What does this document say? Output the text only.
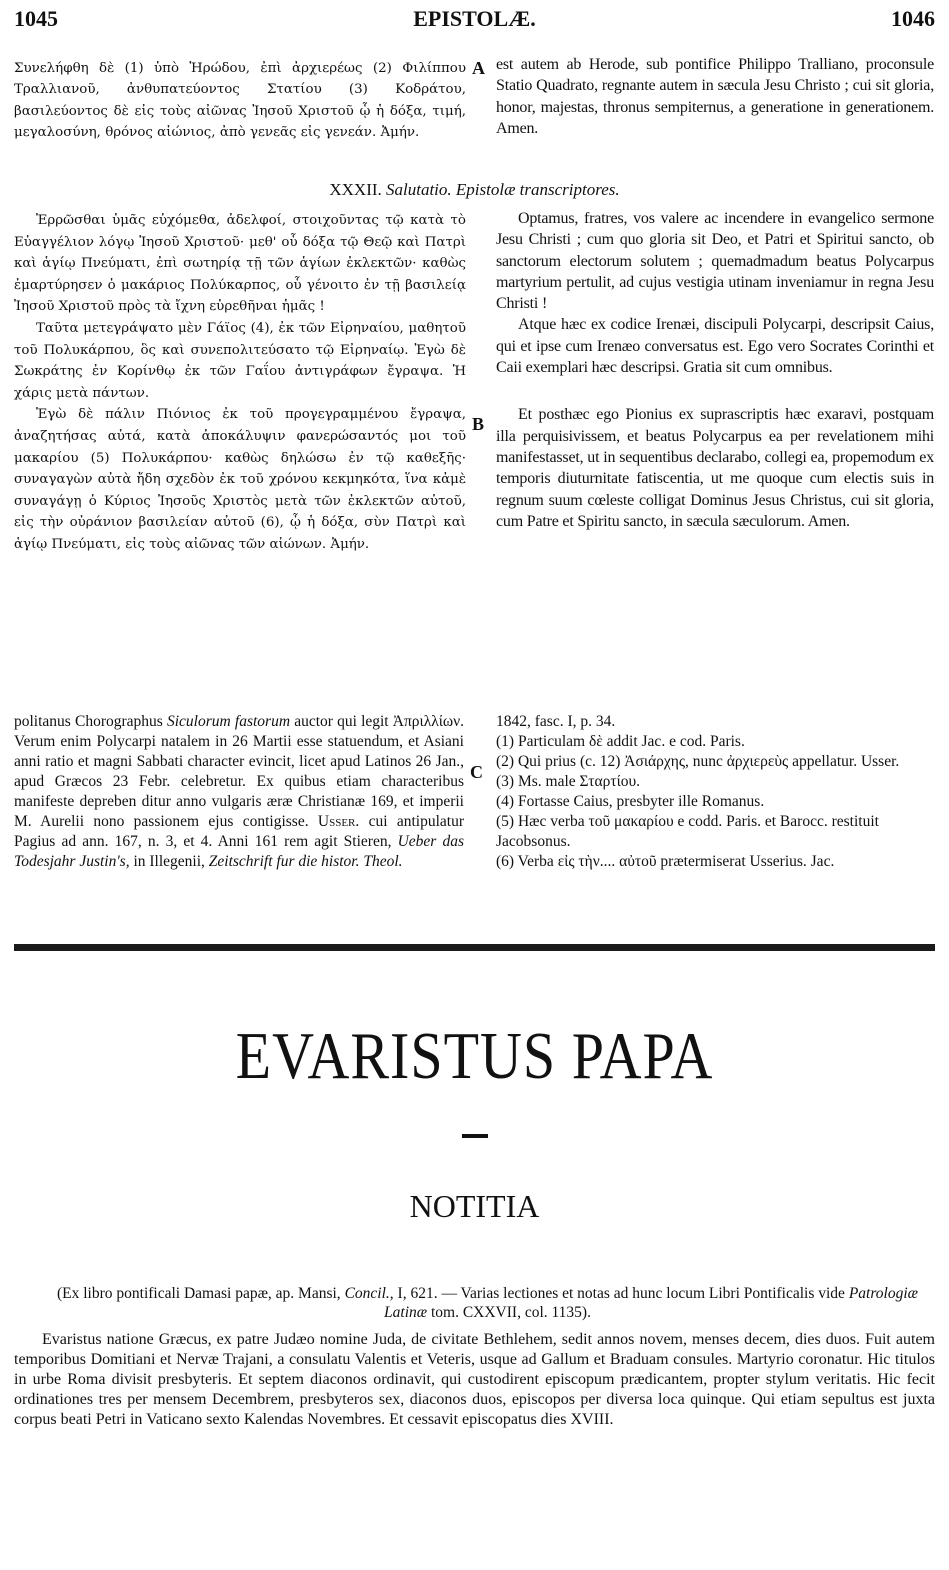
1045	EPISTOLÆ.	1046

Συνελήφθη δὲ (1) ὑπὸ Ἡρώδου, ἐπὶ ἀρχιερέως (2) Φιλίππου Τραλλιανοῦ, ἀνθυπατεύοντος Στατίου (3) Κοδράτου, βασιλεύοντος δὲ εἰς τοὺς αἰῶνας Ἰησοῦ Χριστοῦ ᾧ ἡ δόξα, τιμή, μεγαλοσύνη, θρόνος αἰώνιος, ἀπὸ γενεᾶς εἰς γενεάν. Ἀμήν.

A est autem ab Herode, sub pontifice Philippo Tralliano, proconsule Statio Quadrato, regnante autem in sæcula Jesu Christo ; cui sit gloria, honor, majestas, thronus sempiternus, a generatione in generationem. Amen.

XXXII. Salutatio. Epistolæ transcriptores.

Ἐρρῶσθαι ὑμᾶς εὐχόμεθα, ἀδελφοί, στοιχοῦντας τῷ κατὰ τὸ Εὐαγγέλιον λόγῳ Ἰησοῦ Χριστοῦ· μεθ' οὗ δόξα τῷ Θεῷ καὶ Πατρὶ καὶ ἁγίῳ Πνεύματι, ἐπὶ σωτηρίᾳ τῇ τῶν ἁγίων ἐκλεκτῶν· καθὼς ἐμαρτύρησεν ὁ μακάριος Πολύκαρπος, οὗ γένοιτο ἐν τῇ βασιλείᾳ Ἰησοῦ Χριστοῦ πρὸς τὰ ἴχνη εὑρεθῆναι ἡμᾶς !

Ταῦτα μετεγράψατο μὲν Γάϊος (4), ἐκ τῶν Εἰρηναίου, μαθητοῦ τοῦ Πολυκάρπου, ὃς καὶ συνεπολιτεύσατο τῷ Εἰρηναίῳ. Ἐγὼ δὲ Σωκράτης ἐν Κορίνθῳ ἐκ τῶν Γαΐου ἀντιγράφων ἔγραψα. Ἡ χάρις μετὰ πάντων.

Ἐγὼ δὲ πάλιν Πιόνιος ἐκ τοῦ προγεγραμμένου ἔγραψα, ἀναζητήσας αὐτά, κατὰ ἀποκάλυψιν φανερώσαντός μοι τοῦ μακαρίου (5) Πολυκάρπου· καθὼς δηλώσω ἐν τῷ καθεξῆς· συναγαγὼν αὐτὰ ἤδη σχεδὸν ἐκ τοῦ χρόνου κεκμηκότα, ἵνα κἀμὲ συναγάγῃ ὁ Κύριος Ἰησοῦς Χριστὸς μετὰ τῶν ἐκλεκτῶν αὐτοῦ, εἰς τὴν οὐράνιον βασιλείαν αὐτοῦ (6), ᾧ ἡ δόξα, σὺν Πατρὶ καὶ ἁγίῳ Πνεύματι, εἰς τοὺς αἰῶνας τῶν αἰώνων. Ἀμήν.

B

Optamus, fratres, vos valere ac incendere in evangelico sermone Jesu Christi ; cum quo gloria sit Deo, et Patri et Spiritui sancto, ob sanctorum electorum solutem ; quemadmadum beatus Polycarpus martyrium pertulit, ad cujus vestigia utinam inveniamur in regna Jesu Christi !

Atque hæc ex codice Irenæi, discipuli Polycarpi, descripsit Caius, qui et ipse cum Irenæo conversatus est. Ego vero Socrates Corinthi et Caii exemplari hæc descripsi. Gratia sit cum omnibus.

Et posthæc ego Pionius ex suprascriptis hæc exaravi, postquam illa perquisivissem, et beatus Polycarpus ea per revelationem mihi manifestasset, ut in sequentibus declarabo, collegi ea, propemodum ex temporis diuturnitate fatiscentia, ut me quoque cum electis suis in regnum suum cœleste colligat Dominus Jesus Christus, cui sit gloria, cum Patre et Spiritu sancto, in sæcula sæculorum. Amen.

politanus Chorographus Siculorum fastorum auctor qui legit Ἀπριλλίων. Verum enim Polycarpi natalem in 26 Martii esse statuendum, et Asiani anni ratio et magni Sabbati character evincit, licet apud Latinos 26 Jan., apud Græcos 23 Febr. celebretur. Ex quibus etiam characteribus manifeste depreben ditur anno vulgaris æræ Christianæ 169, et imperii M. Aurelii nono passionem ejus contigisse. Usser. cui antipulatur Pagius ad ann. 167, n. 3, et 4. Anni 161 rem agit Stieren, Ueber das Todesjahr Justin's, in Illegenii, Zeitschrift fur die histor. Theol.

C

1842, fasc. I, p. 34.

(1) Particulam δὲ addit Jac. e cod. Paris.

(2) Qui prius (c. 12) Ἀσιάρχης, nunc ἀρχιερεὺς appellatur. Usser.

(3) Ms. male Σταρτίου.

(4) Fortasse Caius, presbyter ille Romanus.

(5) Hæc verba τοῦ μακαρίου e codd. Paris. et Barocc. restituit Jacobsonus.

(6) Verba εἰς τὴν.... αὐτοῦ prætermiserat Usserius. Jac.

EVARISTUS PAPA
NOTITIA
(Ex libro pontificali Damasi papæ, ap. Mansi, Concil., I, 621. — Varias lectiones et notas ad hunc locum Libri Pontificalis vide Patrologiæ Latinæ tom. CXXVII, col. 1135).
Evaristus natione Græcus, ex patre Judæo nomine Juda, de civitate Bethlehem, sedit annos novem, menses decem, dies duos. Fuit autem temporibus Domitiani et Nervæ Trajani, a consulatu Valentis et Veteris, usque ad Gallum et Braduam consules. Martyrio coronatur. Hic titulos in urbe Roma divisit presbyteris. Et septem diaconos ordinavit, qui custodirent episcopum prædicantem, propter stylum veritatis. Hic fecit ordinationes tres per mensem Decembrem, presbyteros sex, diaconos duos, episcopos per diversa loca quinque. Qui etiam sepultus est juxta corpus beati Petri in Vaticano sexto Kalendas Novembres. Et cessavit episcopatus dies XVIII.
